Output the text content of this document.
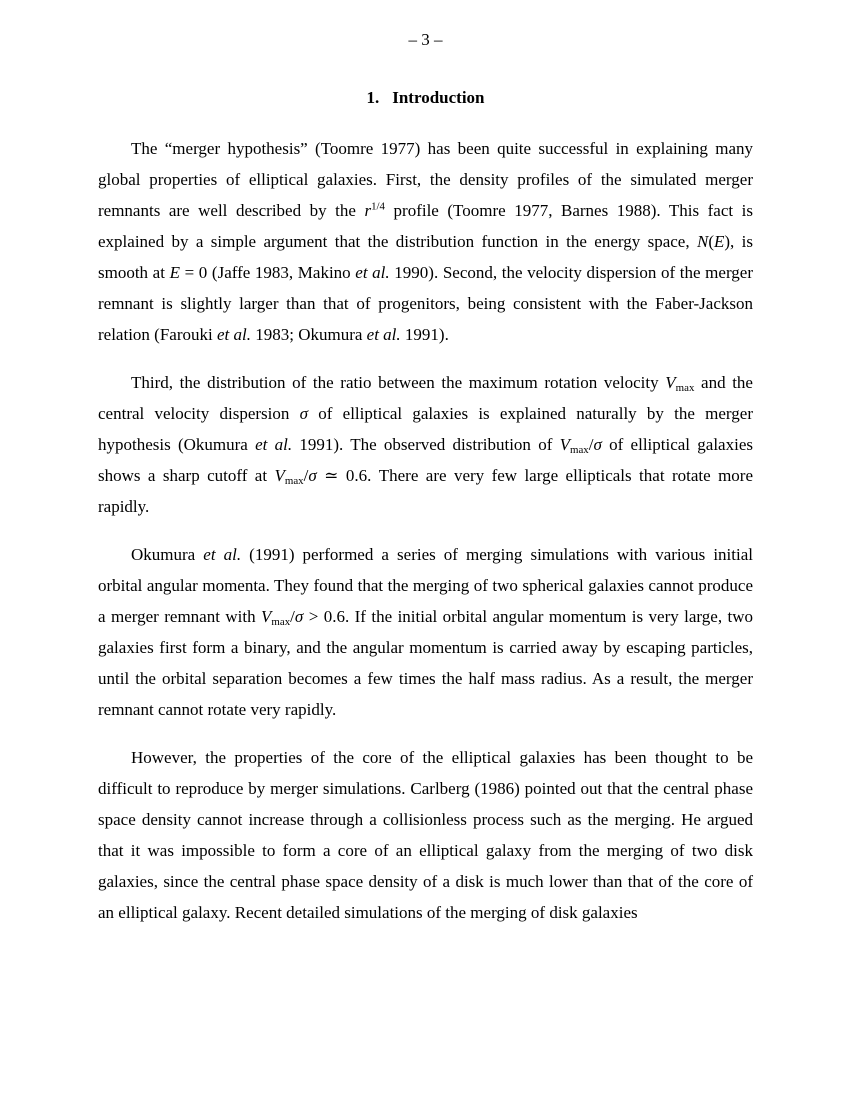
– 3 –
1. Introduction

The “merger hypothesis” (Toomre 1977) has been quite successful in explaining many global properties of elliptical galaxies. First, the density profiles of the simulated merger remnants are well described by the $r^{1/4}$ profile (Toomre 1977, Barnes 1988). This fact is explained by a simple argument that the distribution function in the energy space, N(E), is smooth at E = 0 (Jaffe 1983, Makino et al. 1990). Second, the velocity dispersion of the merger remnant is slightly larger than that of progenitors, being consistent with the Faber-Jackson relation (Farouki et al. 1983; Okumura et al. 1991).

Third, the distribution of the ratio between the maximum rotation velocity $V_{max}$ and the central velocity dispersion σ of elliptical galaxies is explained naturally by the merger hypothesis (Okumura et al. 1991). The observed distribution of $V_{max}/\sigma$ of elliptical galaxies shows a sharp cutoff at $V_{max}/\sigma$ ≃ 0.6. There are very few large ellipticals that rotate more rapidly.

Okumura et al. (1991) performed a series of merging simulations with various initial orbital angular momenta. They found that the merging of two spherical galaxies cannot produce a merger remnant with $V_{max}/\sigma > 0.6$. If the initial orbital angular momentum is very large, two galaxies first form a binary, and the angular momentum is carried away by escaping particles, until the orbital separation becomes a few times the half mass radius. As a result, the merger remnant cannot rotate very rapidly.

However, the properties of the core of the elliptical galaxies has been thought to be difficult to reproduce by merger simulations. Carlberg (1986) pointed out that the central phase space density cannot increase through a collisionless process such as the merging. He argued that it was impossible to form a core of an elliptical galaxy from the merging of two disk galaxies, since the central phase space density of a disk is much lower than that of the core of an elliptical galaxy. Recent detailed simulations of the merging of disk galaxies
